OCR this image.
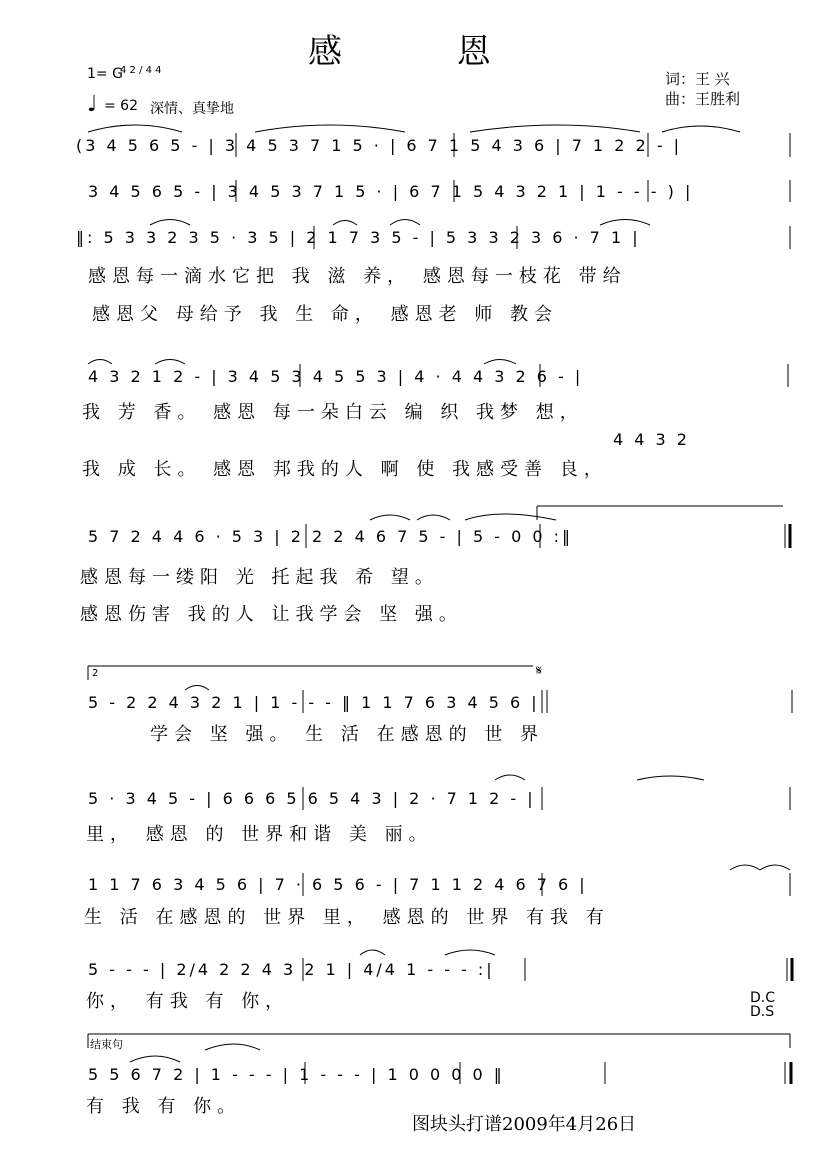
感 恩
1= G
4 2 / 4 4
♩ = 62 深情、真挚地
词：王 兴
曲：王胜利
𝄋
(3 4 5 6 5 - | 3 4 5 3 7 1 5 · | 6 7 1 5 4 3 6 | 7 1 2 2 - |
3 4 5 6 5 - | 3 4 5 3 7 1 5 · | 6 7 1 5 4 3 2 1 | 1 - - - ) |
‖: 5 3 3 2 3 5 · 3 5 | 2 1 7 3 5 - | 5 3 3 2 3 6 · 7 1 |
感恩每一滴水它把 我 滋 养， 感恩每一枝花 带给
感恩父 母给予 我 生 命， 感恩老 师 教会
4 3 2 1 2 - | 3 4 5 3 4 5 5 3 | 4 · 4 4 3 2 6 - |
我 芳 香。 感恩 每一朵白云 编 织 我梦 想，
4 4 3 2
我 成 长。 感恩 邦我的人 啊 使 我感受善 良，
5 7 2 4 4 6 · 5 3 | 2 2 2 4 6 7 5 - | 5 - 0 0 :‖
感恩每一缕阳 光 托起我 希 望。
感恩伤害 我的人 让我学会 坚 强。
2
5 - 2 2 4 3 2 1 | 1 - - - ‖ 1 1 7 6 3 4 5 6 |
学会 坚 强。 生 活 在感恩的 世 界
5 · 3 4 5 - | 6 6 6 5 6 5 4 3 | 2 · 7 1 2 - |
里， 感恩 的 世界和谐 美 丽。
1 1 7 6 3 4 5 6 | 7 · 6 5 6 - | 7 1 1 2 4 6 7 6 |
生 活 在感恩的 世界 里， 感恩的 世界 有我 有
5 - - - | 2/4 2 2 4 3 2 1 | 4/4 1 - - - :|
你， 有我 有 你，	D.C
D.S
结束句
5 5 6 7 2 | 1 - - - | 1 - - - | 1 0 0 0 0 ‖
有 我 有 你。
图块头打谱2009年4月26日
